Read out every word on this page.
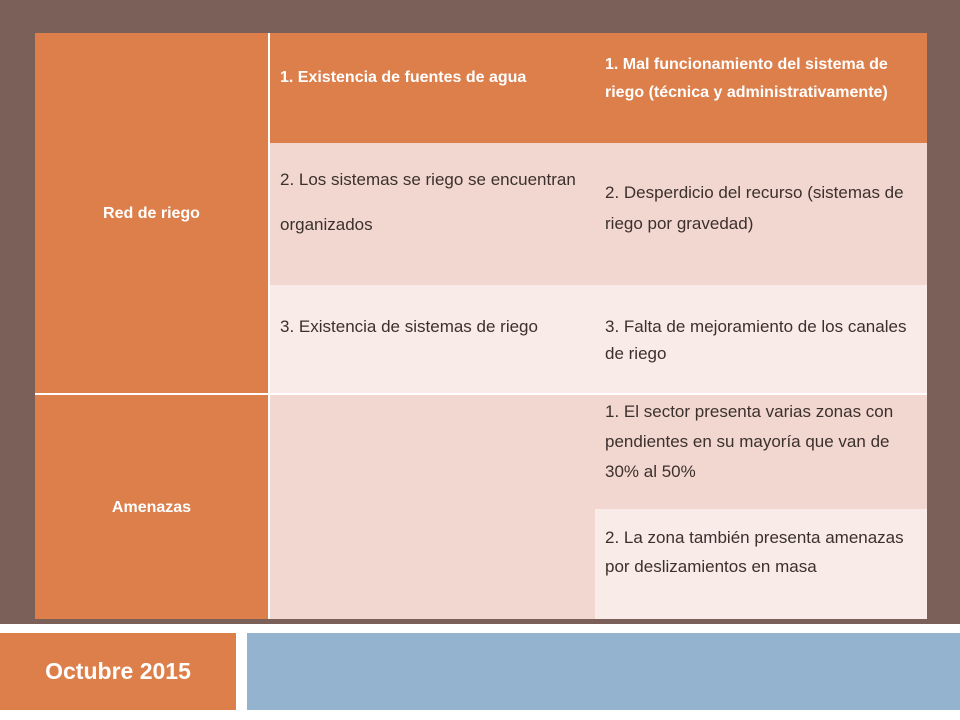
Red de riego
Amenazas
1. Existencia de fuentes de agua
1. Mal funcionamiento del sistema de riego (técnica y administrativamente)
2. Los sistemas se riego se encuentran organizados
2. Desperdicio del recurso (sistemas de riego por gravedad)
3. Existencia de sistemas de riego	3. Falta de mejoramiento de los canales de riego
1. El sector presenta varias zonas con pendientes en su mayoría que van de 30% al 50%
2. La zona también presenta amenazas por deslizamientos en masa
Octubre 2015
